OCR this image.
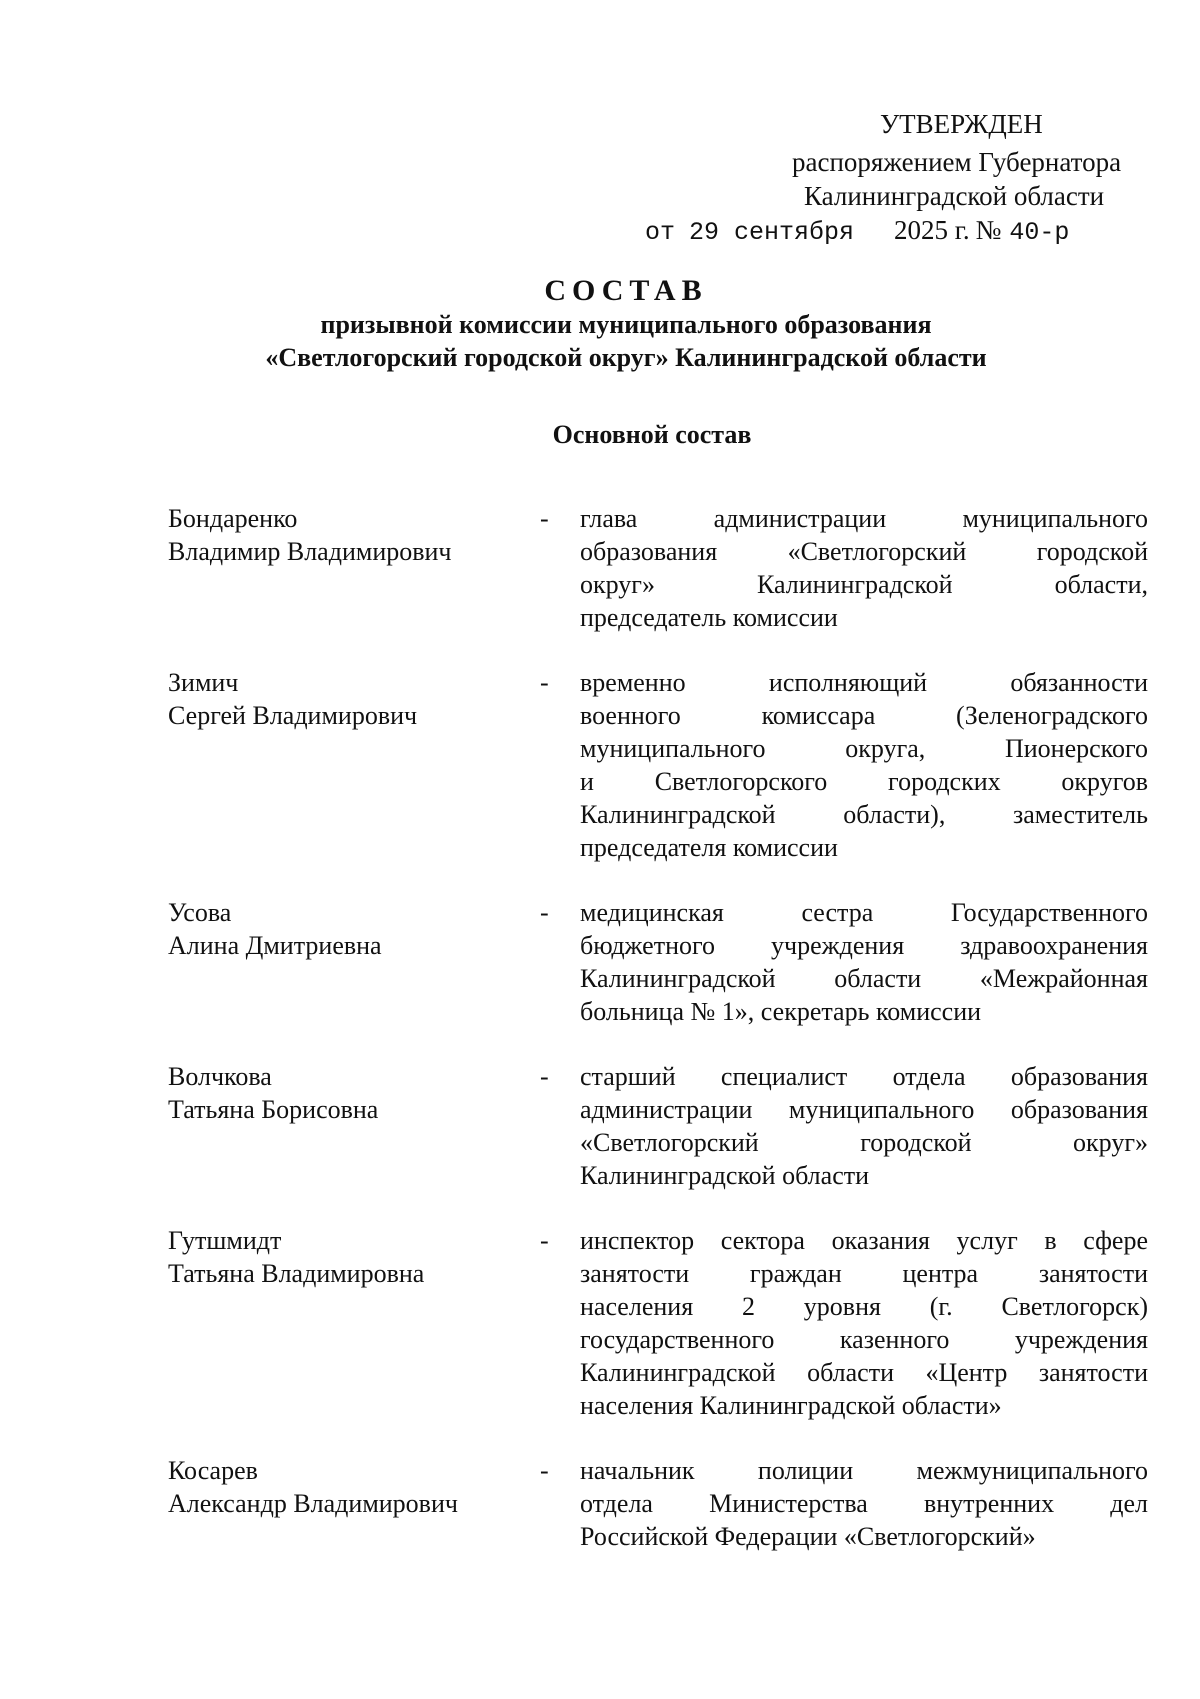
УТВЕРЖДЕН
распоряжением Губернатора
Калининградской области
от 29 сентября 2025 г. № 40-р
СОСТАВ
призывной комиссии муниципального образования
«Светлогорский городской округ» Калининградской области
Основной состав
Бондаренко
Владимир Владимирович
- глава администрации муниципального
образования «Светлогорский городской
округ» Калининградской области,
председатель комиссии
Зимич
Сергей Владимирович
- временно исполняющий обязанности
военного комиссара (Зеленоградского
муниципального округа, Пионерского
и Светлогорского городских округов
Калининградской области), заместитель
председателя комиссии
Усова
Алина Дмитриевна
- медицинская сестра Государственного
бюджетного учреждения здравоохранения
Калининградской области «Межрайонная
больница № 1», секретарь комиссии
Волчкова
Татьяна Борисовна
- старший специалист отдела образования
администрации муниципального образования
«Светлогорский городской округ»
Калининградской области
Гутшмидт
Татьяна Владимировна
- инспектор сектора оказания услуг в сфере
занятости граждан центра занятости
населения 2 уровня (г. Светлогорск)
государственного казенного учреждения
Калининградской области «Центр занятости
населения Калининградской области»
Косарев
Александр Владимирович
- начальник полиции межмуниципального
отдела Министерства внутренних дел
Российской Федерации «Светлогорский»
